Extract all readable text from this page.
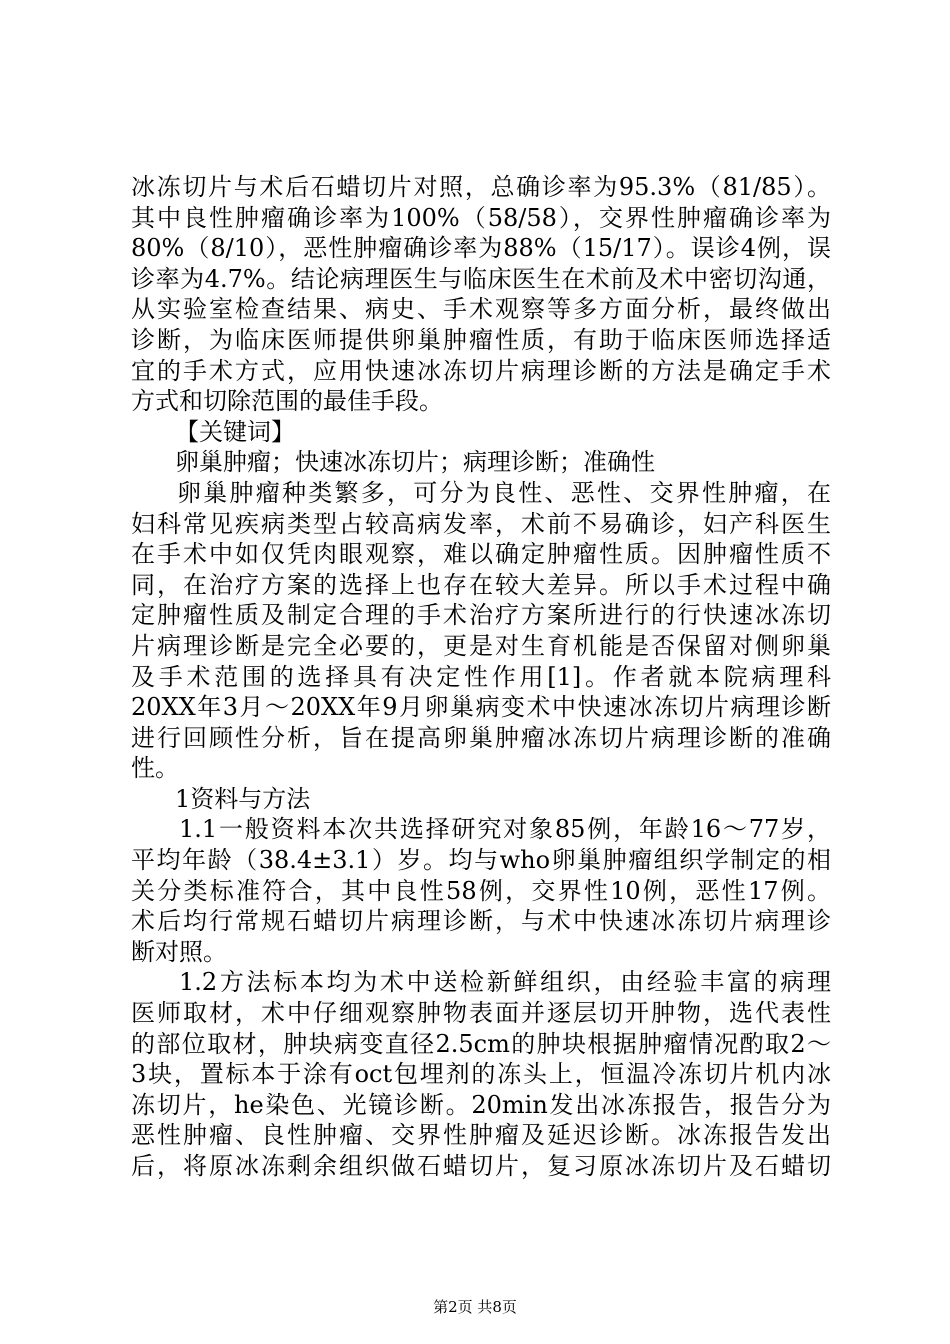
冰冻切片与术后石蜡切片对照，总确诊率为95.3%（81/85）。
其中良性肿瘤确诊率为100%（58/58），交界性肿瘤确诊率为
80%（8/10），恶性肿瘤确诊率为88%（15/17）。误诊4例，误
诊率为4.7%。结论病理医生与临床医生在术前及术中密切沟通，
从实验室检查结果、病史、手术观察等多方面分析，最终做出
诊断，为临床医师提供卵巢肿瘤性质，有助于临床医师选择适
宜的手术方式，应用快速冰冻切片病理诊断的方法是确定手术
方式和切除范围的最佳手段。
【关键词】
卵巢肿瘤；快速冰冻切片；病理诊断；准确性
卵巢肿瘤种类繁多，可分为良性、恶性、交界性肿瘤，在
妇科常见疾病类型占较高病发率，术前不易确诊，妇产科医生
在手术中如仅凭肉眼观察，难以确定肿瘤性质。因肿瘤性质不
同，在治疗方案的选择上也存在较大差异。所以手术过程中确
定肿瘤性质及制定合理的手术治疗方案所进行的行快速冰冻切
片病理诊断是完全必要的，更是对生育机能是否保留对侧卵巢
及手术范围的选择具有决定性作用[1]。作者就本院病理科
20XX年3月～20XX年9月卵巢病变术中快速冰冻切片病理诊断
进行回顾性分析，旨在提高卵巢肿瘤冰冻切片病理诊断的准确
性。
1资料与方法
1.1一般资料本次共选择研究对象85例，年龄16～77岁，
平均年龄（38.4±3.1）岁。均与who卵巢肿瘤组织学制定的相
关分类标准符合，其中良性58例，交界性10例，恶性17例。
术后均行常规石蜡切片病理诊断，与术中快速冰冻切片病理诊
断对照。
1.2方法标本均为术中送检新鲜组织，由经验丰富的病理
医师取材，术中仔细观察肿物表面并逐层切开肿物，选代表性
的部位取材，肿块病变直径2.5cm的肿块根据肿瘤情况酌取2～
3块，置标本于涂有oct包埋剂的冻头上，恒温冷冻切片机内冰
冻切片，he染色、光镜诊断。20min发出冰冻报告，报告分为
恶性肿瘤、良性肿瘤、交界性肿瘤及延迟诊断。冰冻报告发出
后，将原冰冻剩余组织做石蜡切片，复习原冰冻切片及石蜡切
第2页 共8页
